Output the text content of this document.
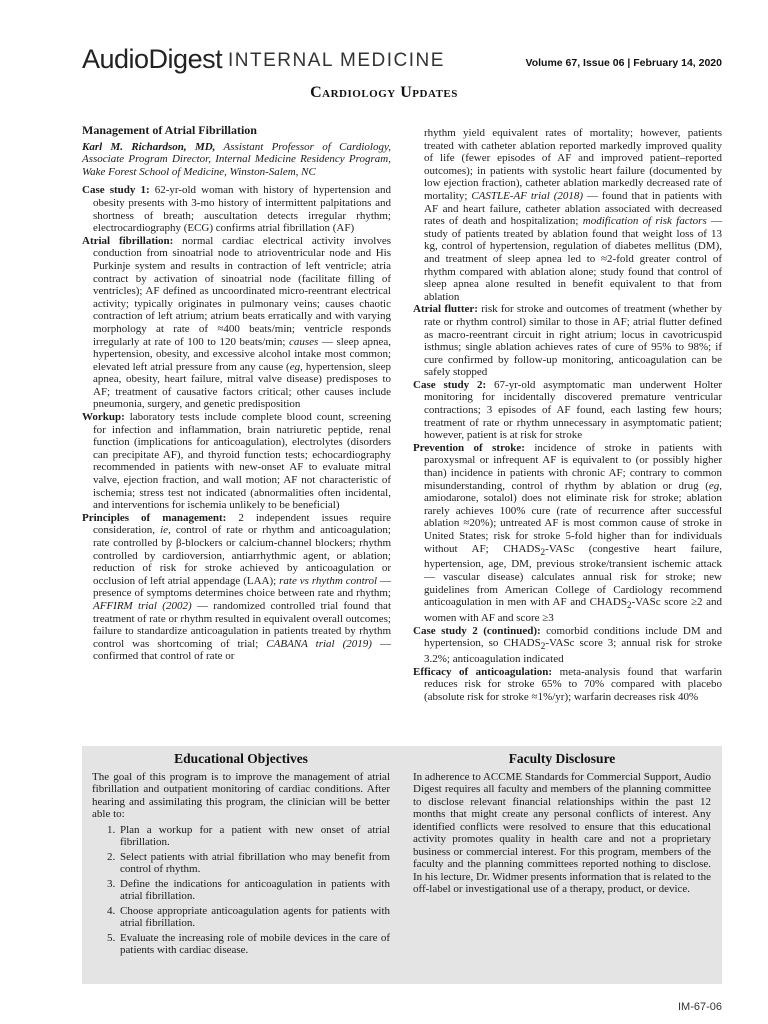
AudioDigest INTERNAL MEDICINE	Volume 67, Issue 06 | February 14, 2020
Cardiology Updates

Management of Atrial Fibrillation

Karl M. Richardson, MD, Assistant Professor of Cardiology, Associate Program Director, Internal Medicine Residency Program, Wake Forest School of Medicine, Winston-Salem, NC

Case study 1: 62-yr-old woman with history of hypertension and obesity presents with 3-mo history of intermittent palpitations and shortness of breath; auscultation detects irregular rhythm; electrocardiography (ECG) confirms atrial fibrillation (AF)

Atrial fibrillation: normal cardiac electrical activity involves conduction from sinoatrial node to atrioventricular node and His Purkinje system and results in contraction of left ventricle; atria contract by activation of sinoatrial node (facilitate filling of ventricles); AF defined as uncoordinated micro-reentrant electrical activity; typically originates in pulmonary veins; causes chaotic contraction of left atrium; atrium beats erratically and with varying morphology at rate of ≈400 beats/min; ventricle responds irregularly at rate of 100 to 120 beats/min; causes — sleep apnea, hypertension, obesity, and excessive alcohol intake most common; elevated left atrial pressure from any cause (eg, hypertension, sleep apnea, obesity, heart failure, mitral valve disease) predisposes to AF; treatment of causative factors critical; other causes include pneumonia, surgery, and genetic predisposition

Workup: laboratory tests include complete blood count, screening for infection and inflammation, brain natriuretic peptide, renal function (implications for anticoagulation), electrolytes (disorders can precipitate AF), and thyroid function tests; echocardiography recommended in patients with new-onset AF to evaluate mitral valve, ejection fraction, and wall motion; AF not characteristic of ischemia; stress test not indicated (abnormalities often incidental, and interventions for ischemia unlikely to be beneficial)

Principles of management: 2 independent issues require consideration, ie, control of rate or rhythm and anticoagulation; rate controlled by β-blockers or calcium-channel blockers; rhythm controlled by cardioversion, antiarrhythmic agent, or ablation; reduction of risk for stroke achieved by anticoagulation or occlusion of left atrial appendage (LAA); rate vs rhythm control — presence of symptoms determines choice between rate and rhythm; AFFIRM trial (2002) — randomized controlled trial found that treatment of rate or rhythm resulted in equivalent overall outcomes; failure to standardize anticoagulation in patients treated by rhythm control was shortcoming of trial; CABANA trial (2019) — confirmed that control of rate or

rhythm yield equivalent rates of mortality; however, patients treated with catheter ablation reported markedly improved quality of life (fewer episodes of AF and improved patient–reported outcomes); in patients with systolic heart failure (documented by low ejection fraction), catheter ablation markedly decreased rate of mortality; CASTLE-AF trial (2018) — found that in patients with AF and heart failure, catheter ablation associated with decreased rates of death and hospitalization; modification of risk factors — study of patients treated by ablation found that weight loss of 13 kg, control of hypertension, regulation of diabetes mellitus (DM), and treatment of sleep apnea led to ≈2-fold greater control of rhythm compared with ablation alone; study found that control of sleep apnea alone resulted in benefit equivalent to that from ablation

Atrial flutter: risk for stroke and outcomes of treatment (whether by rate or rhythm control) similar to those in AF; atrial flutter defined as macro-reentrant circuit in right atrium; locus in cavotricuspid isthmus; single ablation achieves rates of cure of 95% to 98%; if cure confirmed by follow-up monitoring, anticoagulation can be safely stopped

Case study 2: 67-yr-old asymptomatic man underwent Holter monitoring for incidentally discovered premature ventricular contractions; 3 episodes of AF found, each lasting few hours; treatment of rate or rhythm unnecessary in asymptomatic patient; however, patient is at risk for stroke

Prevention of stroke: incidence of stroke in patients with paroxysmal or infrequent AF is equivalent to (or possibly higher than) incidence in patients with chronic AF; contrary to common misunderstanding, control of rhythm by ablation or drug (eg, amiodarone, sotalol) does not eliminate risk for stroke; ablation rarely achieves 100% cure (rate of recurrence after successful ablation ≈20%); untreated AF is most common cause of stroke in United States; risk for stroke 5-fold higher than for individuals without AF; $CHADS_2$-VASc (congestive heart failure, hypertension, age, DM, previous stroke/transient ischemic attack — vascular disease) calculates annual risk for stroke; new guidelines from American College of Cardiology recommend anticoagulation in men with AF and $CHADS_2$-VASc score ≥2 and women with AF and score ≥3

Case study 2 (continued): comorbid conditions include DM and hypertension, so $CHADS_2$-VASc score 3; annual risk for stroke 3.2%; anticoagulation indicated

Efficacy of anticoagulation: meta-analysis found that warfarin reduces risk for stroke 65% to 70% compared with placebo (absolute risk for stroke ≈1%/yr); warfarin decreases risk 40%

Educational Objectives

The goal of this program is to improve the management of atrial fibrillation and outpatient monitoring of cardiac conditions. After hearing and assimilating this program, the clinician will be better able to:

1. Plan a workup for a patient with new onset of atrial fibrillation.
2. Select patients with atrial fibrillation who may benefit from control of rhythm.
3. Define the indications for anticoagulation in patients with atrial fibrillation.
4. Choose appropriate anticoagulation agents for patients with atrial fibrillation.
5. Evaluate the increasing role of mobile devices in the care of patients with cardiac disease.
Faculty Disclosure

In adherence to ACCME Standards for Commercial Support, Audio Digest requires all faculty and members of the planning committee to disclose relevant financial relationships within the past 12 months that might create any personal conflicts of interest. Any identified conflicts were resolved to ensure that this educational activity promotes quality in health care and not a proprietary business or commercial interest. For this program, members of the faculty and the planning committees reported nothing to disclose. In his lecture, Dr. Widmer presents information that is related to the off-label or investigational use of a therapy, product, or device.

IM-67-06
